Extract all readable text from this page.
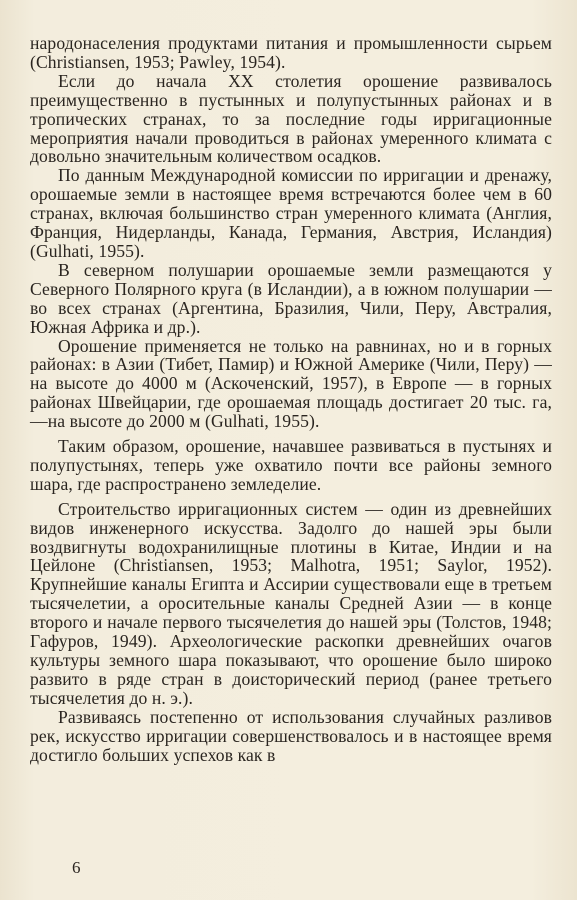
народонаселения продуктами питания и промышленности сырьем (Christiansen, 1953; Pawley, 1954).

Если до начала XX столетия орошение развивалось преимущественно в пустынных и полупустынных районах и в тропических странах, то за последние годы ирригационные мероприятия начали проводиться в районах умеренного климата с довольно значительным количеством осадков.

По данным Международной комиссии по ирригации и дренажу, орошаемые земли в настоящее время встречаются более чем в 60 странах, включая большинство стран умеренного климата (Англия, Франция, Нидерланды, Канада, Германия, Австрия, Исландия) (Gulhati, 1955).

В северном полушарии орошаемые земли размещаются у Северного Полярного круга (в Исландии), а в южном полушарии — во всех странах (Аргентина, Бразилия, Чили, Перу, Австралия, Южная Африка и др.).

Орошение применяется не только на равнинах, но и в горных районах: в Азии (Тибет, Памир) и Южной Америке (Чили, Перу) — на высоте до 4000 м (Аскоченский, 1957), в Европе — в горных районах Швейцарии, где орошаемая площадь достигает 20 тыс. га,—на высоте до 2000 м (Gulhati, 1955).

Таким образом, орошение, начавшее развиваться в пустынях и полупустынях, теперь уже охватило почти все районы земного шара, где распространено земледелие.

Строительство ирригационных систем — один из древнейших видов инженерного искусства. Задолго до нашей эры были воздвигнуты водохранилищные плотины в Китае, Индии и на Цейлоне (Christiansen, 1953; Malhotra, 1951; Saylor, 1952). Крупнейшие каналы Египта и Ассирии существовали еще в третьем тысячелетии, а оросительные каналы Средней Азии — в конце второго и начале первого тысячелетия до нашей эры (Толстов, 1948; Гафуров, 1949). Археологические раскопки древнейших очагов культуры земного шара показывают, что орошение было широко развито в ряде стран в доисторический период (ранее третьего тысячелетия до н. э.).

Развиваясь постепенно от использования случайных разливов рек, искусство ирригации совершенствовалось и в настоящее время достигло больших успехов как в

6
